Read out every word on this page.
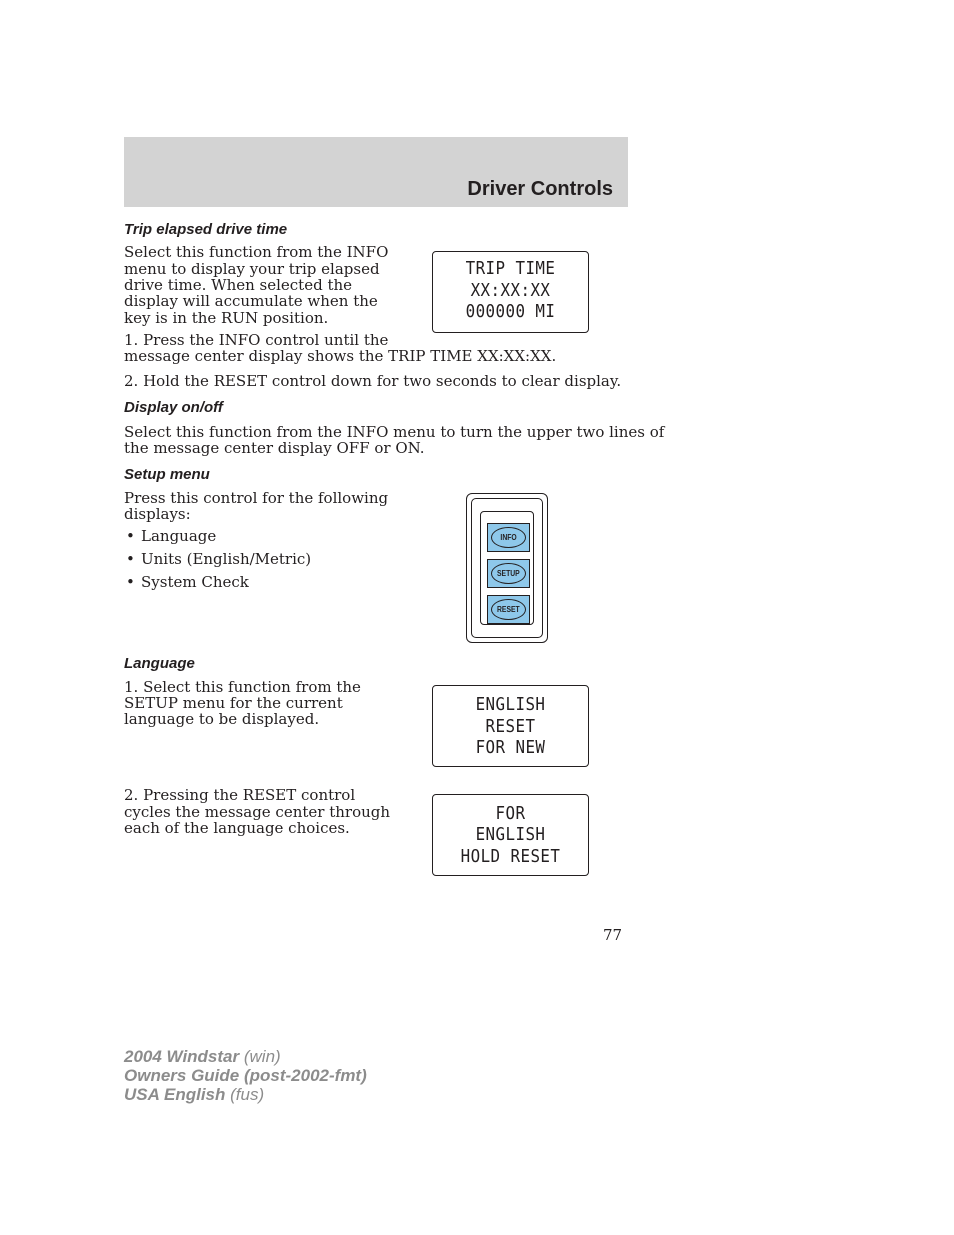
Driver Controls
Trip elapsed drive time

Select this function from the INFO

menu to display your trip elapsed

drive time. When selected the

display will accumulate when the

key is in the RUN position.

1. Press the INFO control until the

message center display shows the TRIP TIME XX:XX:XX.

2. Hold the RESET control down for two seconds to clear display.

TRIP TIME
XX:XX:XX
000000 MI
Display on/off

Select this function from the INFO menu to turn the upper two lines of

the message center display OFF or ON.

Setup menu

Press this control for the following

displays:

• Language
• Units (English/Metric)
• System Check
INFO
SETUP
RESET
Language

1. Select this function from the

SETUP menu for the current

language to be displayed.

ENGLISH
RESET
FOR NEW

2. Pressing the RESET control

cycles the message center through

each of the language choices.

FOR
ENGLISH
HOLD RESET
77
2004 Windstar (win)
Owners Guide (post-2002-fmt)
USA English (fus)
